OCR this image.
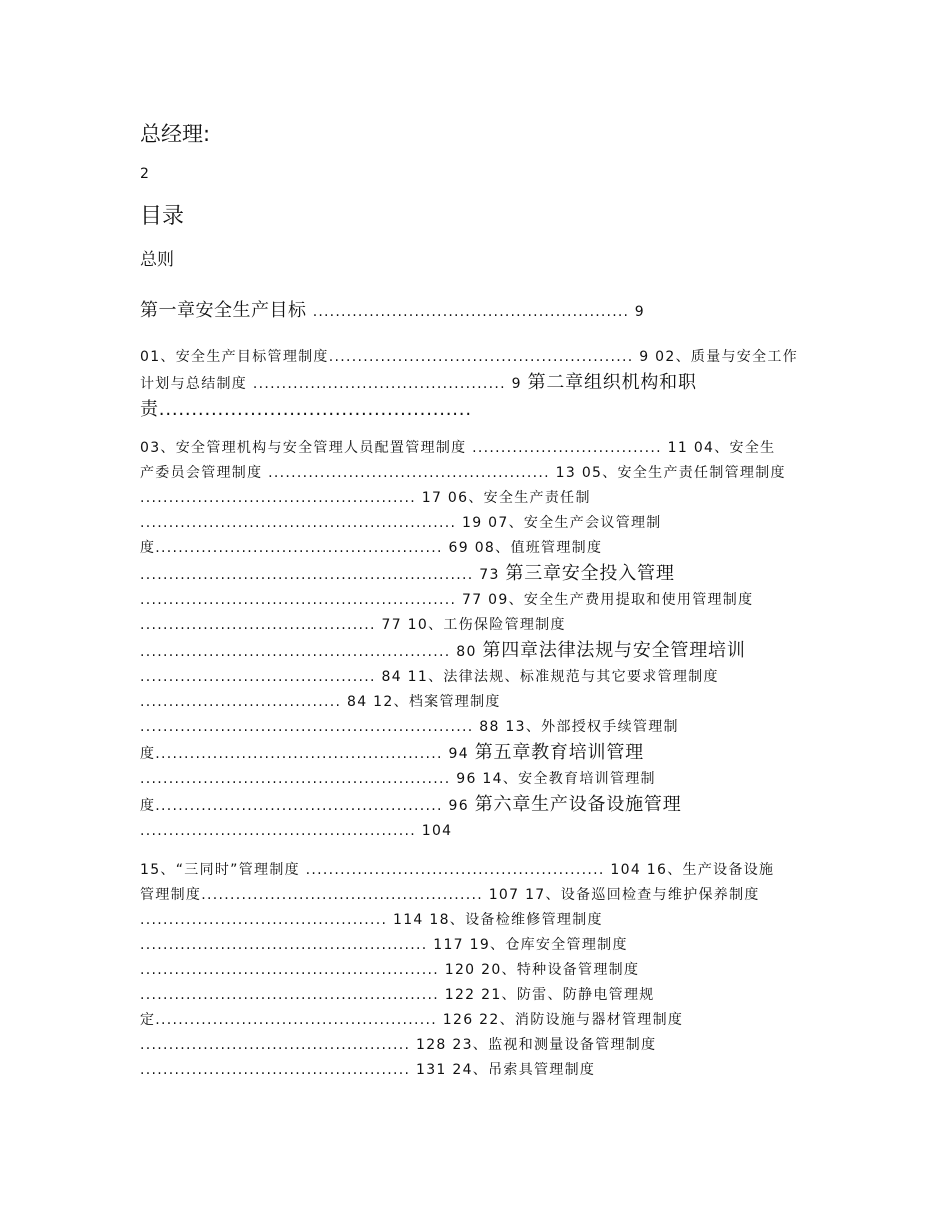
总经理:
2
目录
总则
第一章安全生产目标 ........................................................ 9
01、安全生产目标管理制度..................................................... 9 02、质量与安全工作
计划与总结制度 ............................................ 9 第二章组织机构和职
责................................................
03、安全管理机构与安全管理人员配置管理制度 ................................. 11 04、安全生
产委员会管理制度 ................................................. 13 05、安全生产责任制管理制度
................................................ 17 06、安全生产责任制
....................................................... 19 07、安全生产会议管理制
度.................................................. 69 08、值班管理制度
.......................................................... 73 第三章安全投入管理
....................................................... 77 09、安全生产费用提取和使用管理制度
......................................... 77 10、工伤保险管理制度
...................................................... 80 第四章法律法规与安全管理培训
......................................... 84 11、法律法规、标准规范与其它要求管理制度
................................... 84 12、档案管理制度
.......................................................... 88 13、外部授权手续管理制
度.................................................. 94 第五章教育培训管理
...................................................... 96 14、安全教育培训管理制
度.................................................. 96 第六章生产设备设施管理
................................................ 104
15、“三同时”管理制度 .................................................... 104 16、生产设备设施
管理制度................................................. 107 17、设备巡回检查与维护保养制度
........................................... 114 18、设备检维修管理制度
.................................................. 117 19、仓库安全管理制度
.................................................... 120 20、特种设备管理制度
.................................................... 122 21、防雷、防静电管理规
定................................................. 126 22、消防设施与器材管理制度
............................................... 128 23、监视和测量设备管理制度
............................................... 131 24、吊索具管理制度
